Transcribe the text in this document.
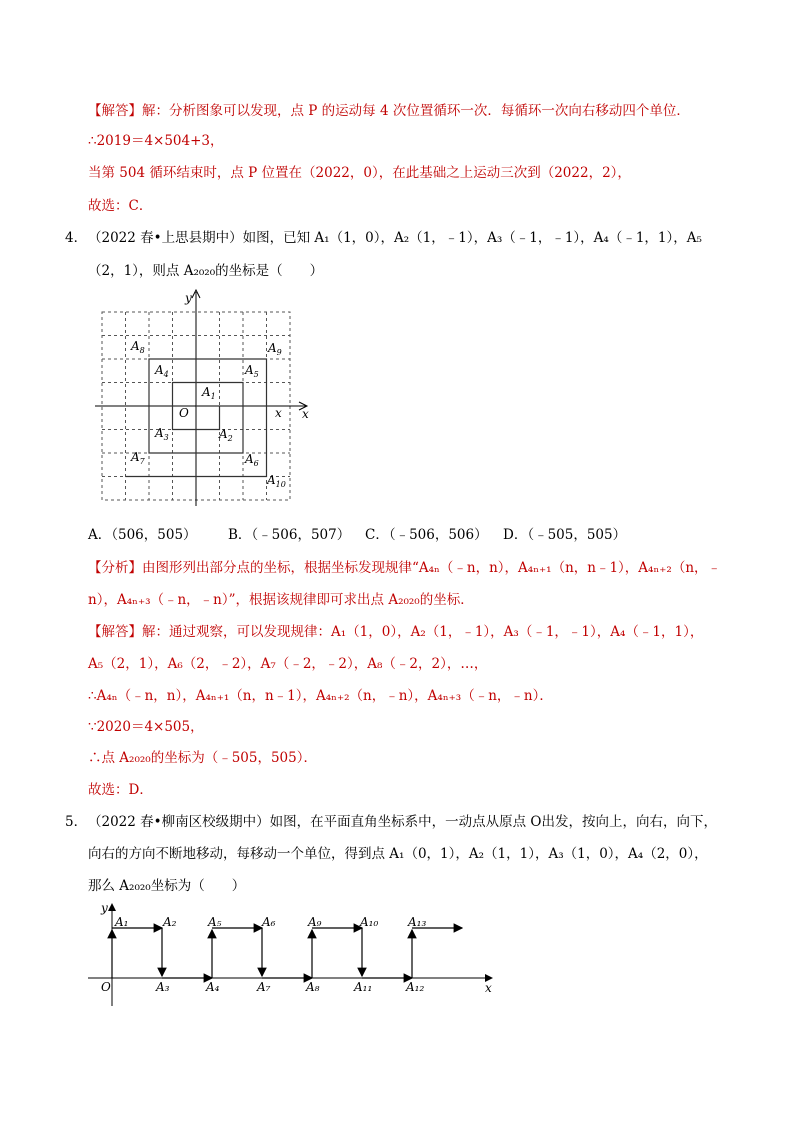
【解答】解：分析图象可以发现，点 P 的运动每 4 次位置循环一次．每循环一次向右移动四个单位．
∴2019＝4×504+3，
当第 504 循环结束时，点 P 位置在（2022，0），在此基础之上运动三次到（2022，2），
故选：C．
4． （2022 春•上思县期中）如图，已知 A₁（1，0），A₂（1，﹣1），A₃（﹣1，﹣1），A₄（﹣1，1），A₅
（2，1），则点 A₂₀₂₀的坐标是（　　）
y
x x
O
$A_1$
$A_2$
$A_3$
$A_4$	$A_5$
$A_6$
$A_7$
$A_8$	$A_9$
$A_{10}$
A．（506，505） B．（﹣506，507） C．（﹣506，506） D．（﹣505，505）
【分析】由图形列出部分点的坐标，根据坐标发现规律“A₄ₙ（﹣n，n），A₄ₙ₊₁（n，n﹣1），A₄ₙ₊₂（n，﹣
n），A₄ₙ₊₃（﹣n，﹣n）”，根据该规律即可求出点 A₂₀₂₀的坐标．
【解答】解：通过观察，可以发现规律：A₁（1，0），A₂（1，﹣1），A₃（﹣1，﹣1），A₄（﹣1，1），
A₅（2，1），A₆（2，﹣2），A₇（﹣2，﹣2），A₈（﹣2，2），…，
∴A₄ₙ（﹣n，n），A₄ₙ₊₁（n，n﹣1），A₄ₙ₊₂（n，﹣n），A₄ₙ₊₃（﹣n，﹣n）．
∵2020＝4×505，
∴点 A₂₀₂₀的坐标为（﹣505，505）．
故选：D．
5． （2022 春•柳南区校级期中）如图，在平面直角坐标系中，一动点从原点 O出发，按向上，向右，向下，
向右的方向不断地移动，每移动一个单位，得到点 A₁（0，1），A₂（1，1），A₃（1，0），A₄（2，0），
那么 A₂₀₂₀坐标为（　　）
y
x
O
A₁	A₂
A₃	A₄
A₅	A₆
A₇	A₈
A₉	A₁₀
A₁₁	A₁₂
A₁₃
